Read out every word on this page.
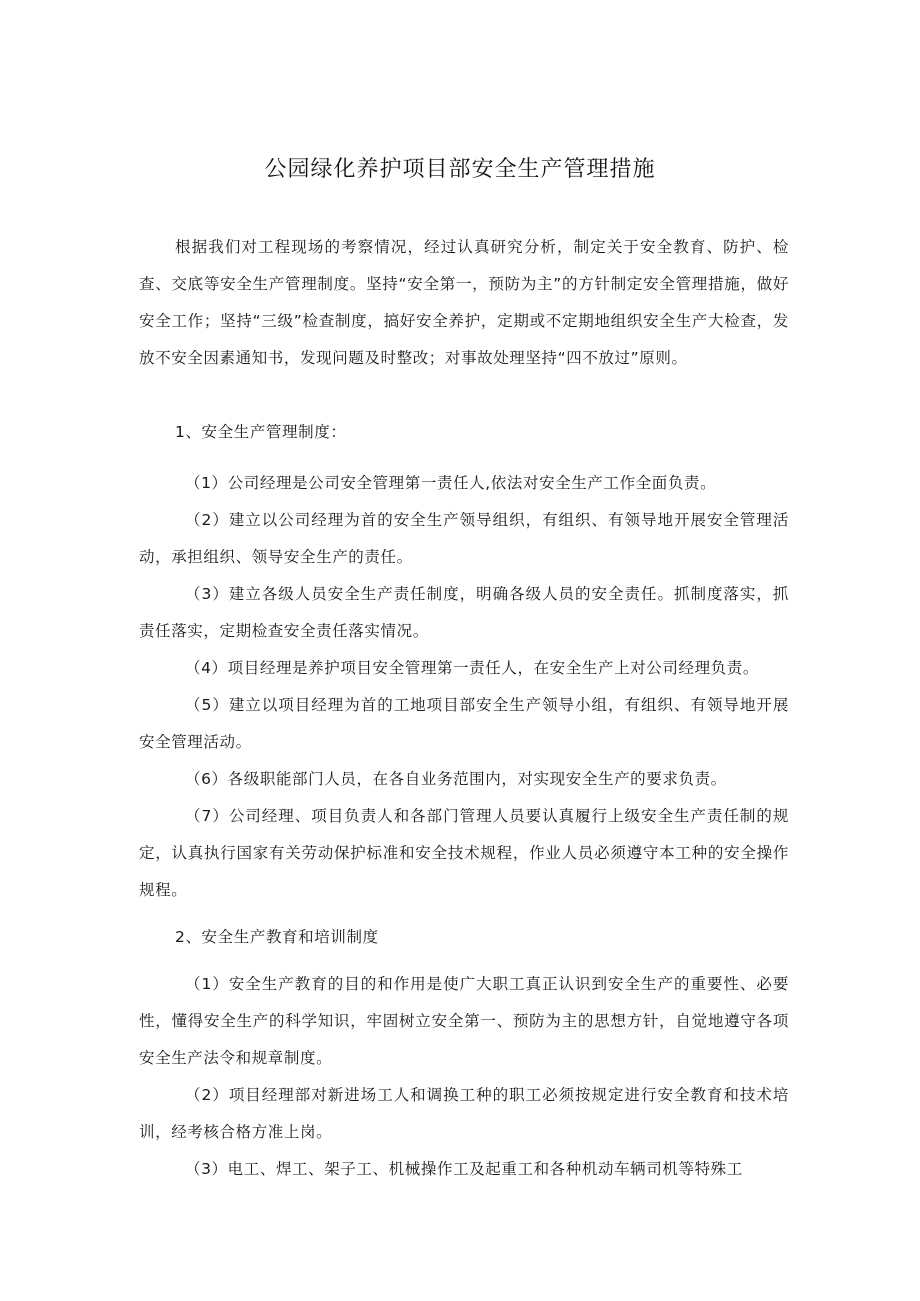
公园绿化养护项目部安全生产管理措施

根据我们对工程现场的考察情况，经过认真研究分析，制定关于安全教育、防护、检查、交底等安全生产管理制度。坚持“安全第一，预防为主”的方针制定安全管理措施，做好安全工作；坚持“三级”检查制度，搞好安全养护，定期或不定期地组织安全生产大检查，发放不安全因素通知书，发现问题及时整改；对事故处理坚持“四不放过”原则。

1、安全生产管理制度：

（1）公司经理是公司安全管理第一责任人,依法对安全生产工作全面负责。

（2）建立以公司经理为首的安全生产领导组织，有组织、有领导地开展安全管理活动，承担组织、领导安全生产的责任。

（3）建立各级人员安全生产责任制度，明确各级人员的安全责任。抓制度落实，抓责任落实，定期检查安全责任落实情况。

（4）项目经理是养护项目安全管理第一责任人，在安全生产上对公司经理负责。

（5）建立以项目经理为首的工地项目部安全生产领导小组，有组织、有领导地开展安全管理活动。

（6）各级职能部门人员，在各自业务范围内，对实现安全生产的要求负责。

（7）公司经理、项目负责人和各部门管理人员要认真履行上级安全生产责任制的规定，认真执行国家有关劳动保护标准和安全技术规程，作业人员必须遵守本工种的安全操作规程。

2、安全生产教育和培训制度

（1）安全生产教育的目的和作用是使广大职工真正认识到安全生产的重要性、必要性，懂得安全生产的科学知识，牢固树立安全第一、预防为主的思想方针，自觉地遵守各项安全生产法令和规章制度。

（2）项目经理部对新进场工人和调换工种的职工必须按规定进行安全教育和技术培训，经考核合格方准上岗。

（3）电工、焊工、架子工、机械操作工及起重工和各种机动车辆司机等特殊工
